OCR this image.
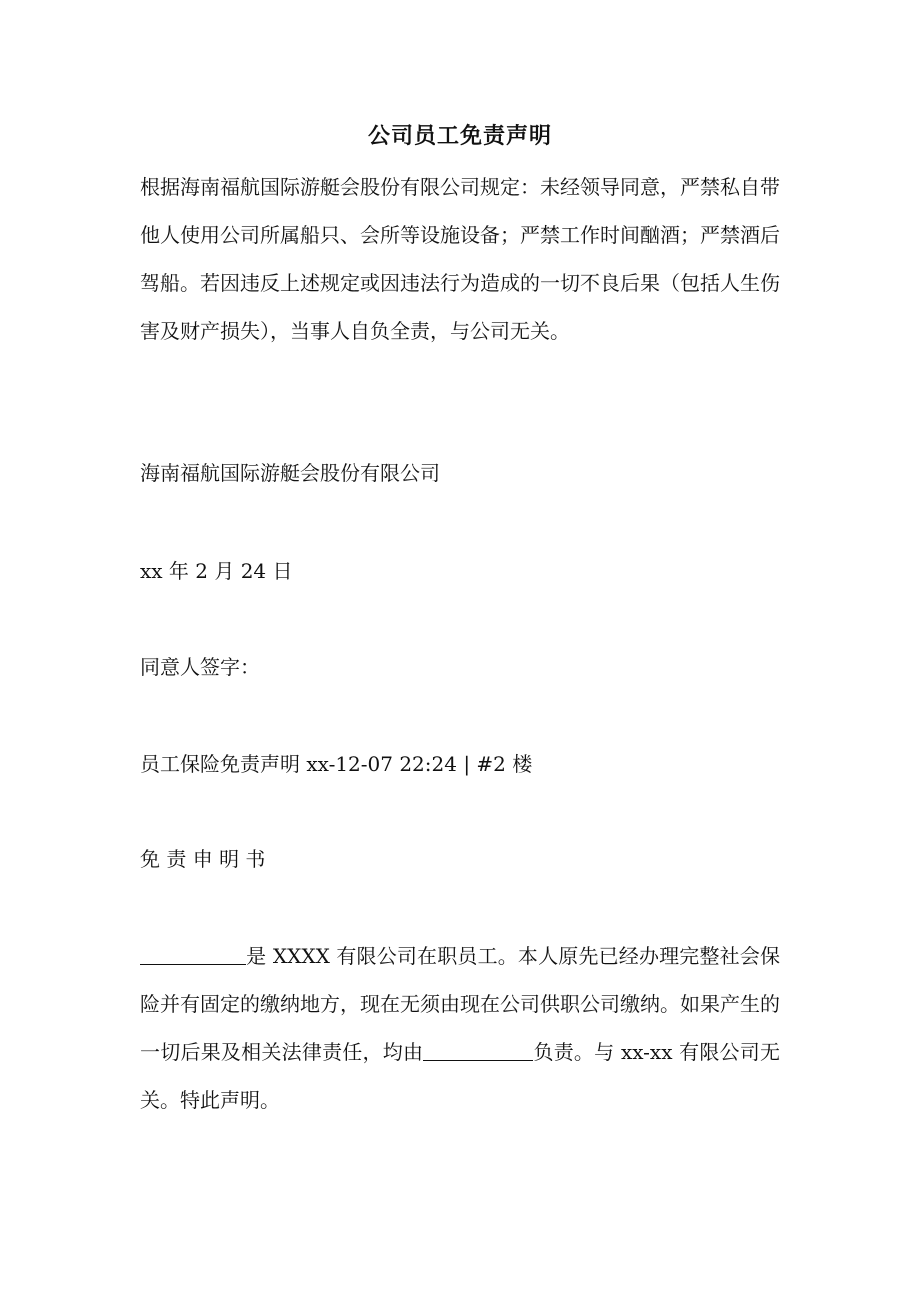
公司员工免责声明

根据海南福航国际游艇会股份有限公司规定：未经领导同意，严禁私自带他人使用公司所属船只、会所等设施设备；严禁工作时间酗酒；严禁酒后驾船。若因违反上述规定或因违法行为造成的一切不良后果（包括人生伤害及财产损失），当事人自负全责，与公司无关。

海南福航国际游艇会股份有限公司
xx 年 2 月 24 日
同意人签字：
员工保险免责声明 xx-12-07 22:24 | #2 楼
免 责 申 明 书

是 XXXX 有限公司在职员工。本人原先已经办理完整社会保险并有固定的缴纳地方，现在无须由现在公司供职公司缴纳。如果产生的一切后果及相关法律责任，均由	负责。与 xx-xx 有限公司无关。特此声明。
